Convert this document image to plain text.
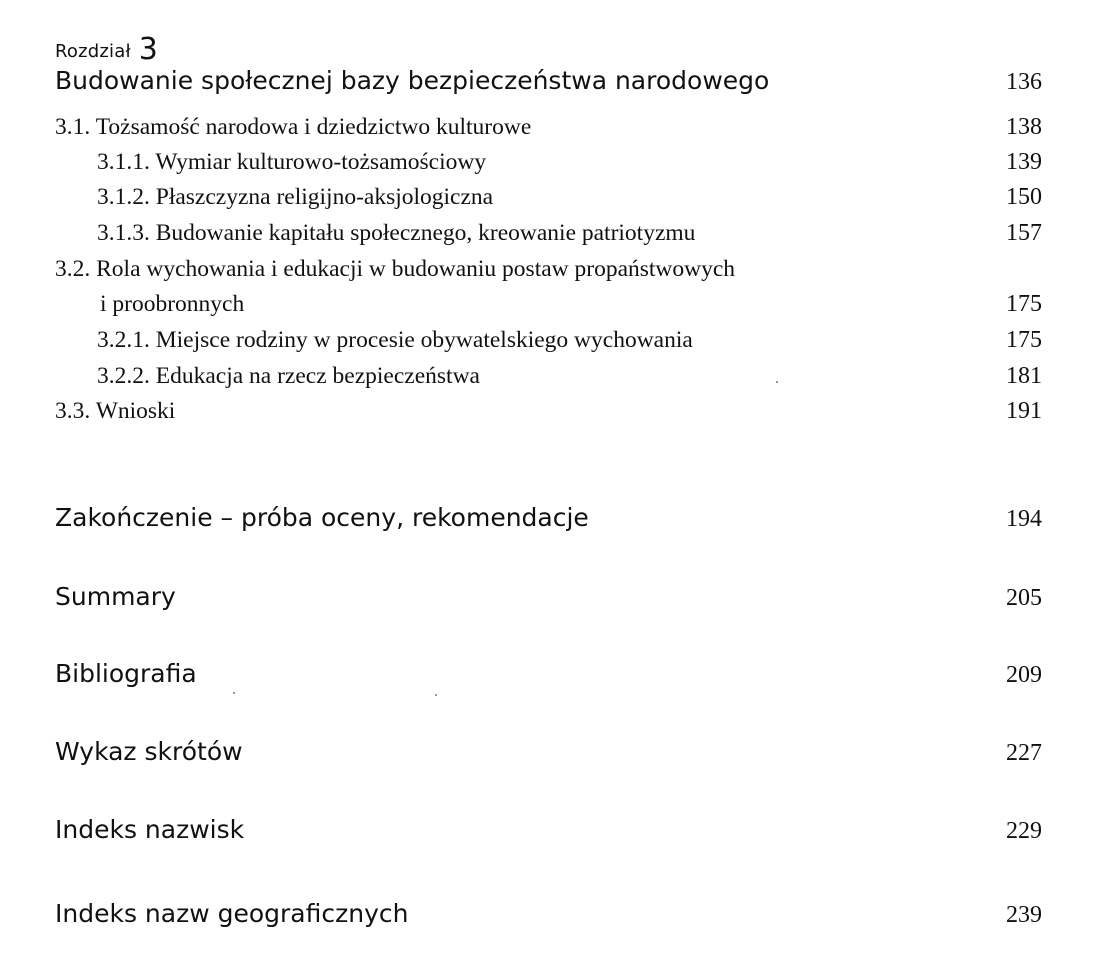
Rozdział 3
Budowanie społecznej bazy bezpieczeństwa narodowego	136
3.1. Tożsamość narodowa i dziedzictwo kulturowe	138
3.1.1. Wymiar kulturowo-tożsamościowy	139
3.1.2. Płaszczyzna religijno-aksjologiczna	150
3.1.3. Budowanie kapitału społecznego, kreowanie patriotyzmu	157
3.2. Rola wychowania i edukacji w budowaniu postaw propaństwowych
i proobronnych	175
3.2.1. Miejsce rodziny w procesie obywatelskiego wychowania	175
3.2.2. Edukacja na rzecz bezpieczeństwa	181
3.3. Wnioski	191
Zakończenie – próba oceny, rekomendacje	194
Summary	205
Bibliografia	209
Wykaz skrótów	227
Indeks nazwisk	229
Indeks nazw geograficznych	239
